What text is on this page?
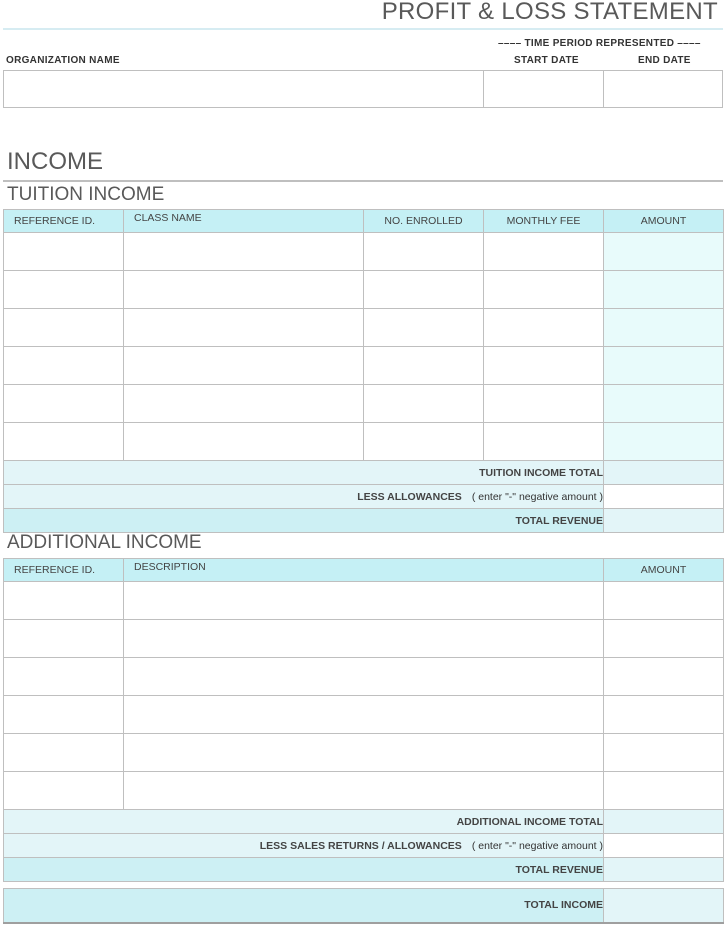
PROFIT & LOSS STATEMENT
–––– TIME PERIOD REPRESENTED ––––
ORGANIZATION NAME	START DATE	END DATE
INCOME
TUITION INCOME
REFERENCE ID.	CLASS NAME	NO. ENROLLED	MONTHLY FEE	AMOUNT

TUITION INCOME TOTAL				
LESS ALLOWANCES ( enter "-" negative amount )				
TOTAL REVENUE				
ADDITIONAL INCOME
REFERENCE ID.	DESCRIPTION	AMOUNT

ADDITIONAL INCOME TOTAL		
LESS SALES RETURNS / ALLOWANCES ( enter "-" negative amount )		
TOTAL REVENUE		
TOTAL INCOME	
